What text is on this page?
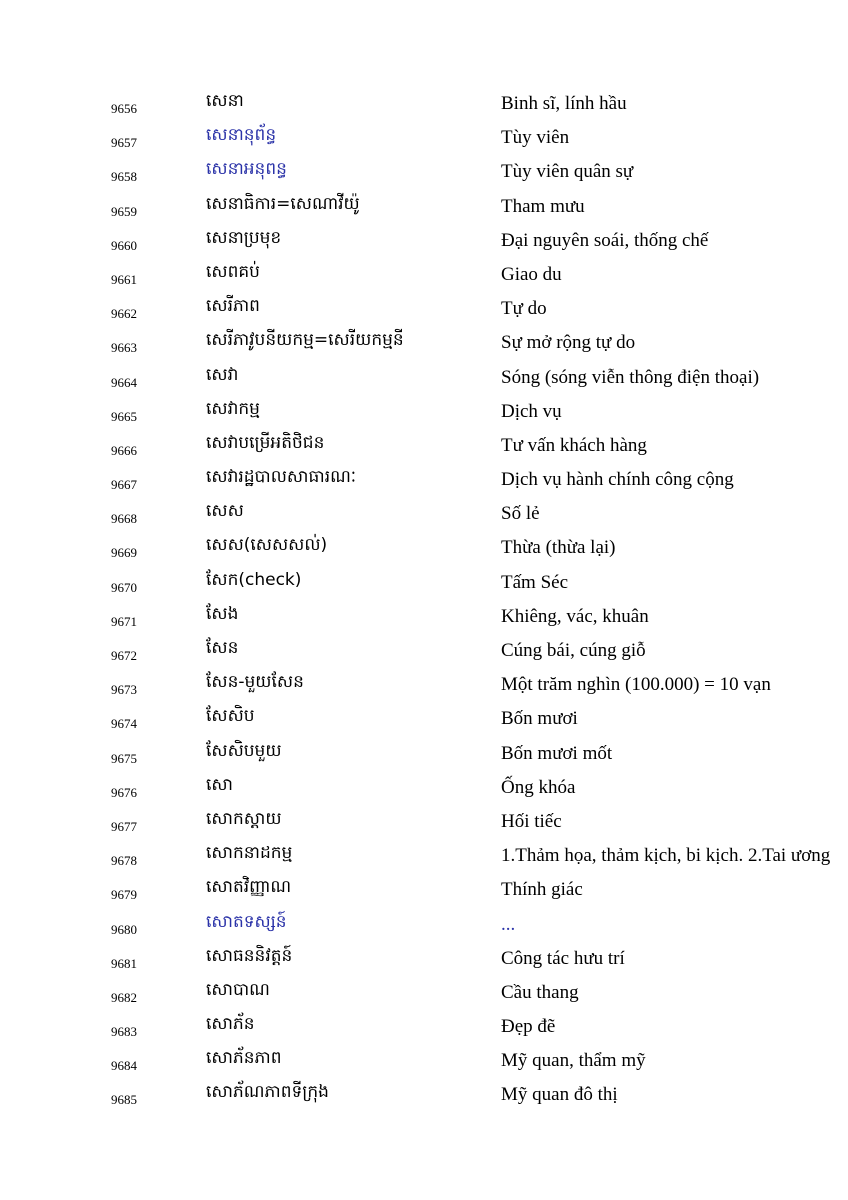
9656	សេនា	Binh sĩ, lính hầu
9657	សេនានុព័ន្ធ	Tùy viên
9658	សេនាអនុពន្ធ	Tùy viên quân sự
9659	សេនាធិការ=សេណាវីយ៉ូ	Tham mưu
9660	សេនាប្រមុខ	Đại nguyên soái, thống chế
9661	សេពគប់	Giao du
9662	សេរីភាព	Tự do
9663	សេរីភាវូបនីយកម្ម=សេរីយកម្មនី	Sự mở rộng tự do
9664	សេវា	Sóng (sóng viễn thông điện thoại)
9665	សេវាកម្ម	Dịch vụ
9666	សេវាបម្រើអតិថិជន	Tư vấn khách hàng
9667	សេវារដ្ឋបាលសាធារណៈ	Dịch vụ hành chính công cộng
9668	សេស	Số lẻ
9669	សេស(សេសសល់)	Thừa (thừa lại)
9670	សែក(check)	Tấm Séc
9671	សែង	Khiêng, vác, khuân
9672	សែន	Cúng bái, cúng giỗ
9673	សែន-មួយសែន	Một trăm nghìn (100.000) = 10 vạn
9674	សែសិប	Bốn mươi
9675	សែសិបមួយ	Bốn mươi mốt
9676	សោ	Ống khóa
9677	សោកស្ដាយ	Hối tiếc
9678	សោកនាដកម្ម	1.Thảm họa, thảm kịch, bi kịch. 2.Tai ương
9679	សោតវិញ្ញាណ	Thính giác
9680	សោតទស្សន៍	...
9681	សោធននិវត្តន៍	Công tác hưu trí
9682	សោបាណ	Cầu thang
9683	សោភ័ន	Đẹp đẽ
9684	សោភ័នភាព	Mỹ quan, thẩm mỹ
9685	សោភ័ណភាពទីក្រុង	Mỹ quan đô thị
